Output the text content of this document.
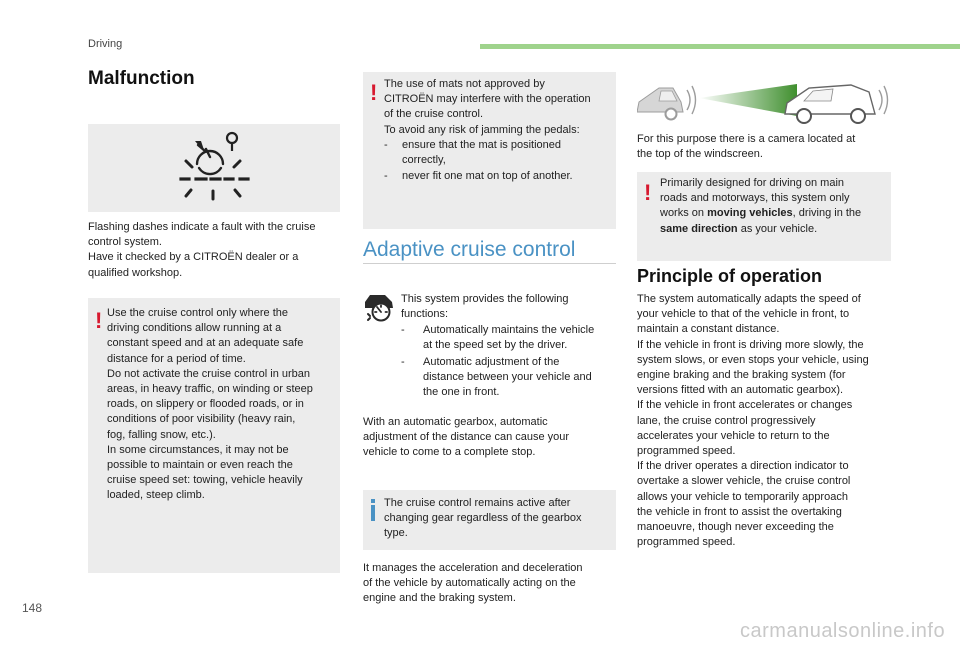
Driving
Malfunction
Flashing dashes indicate a fault with the cruise
control system.
Have it checked by a CITROËN dealer or a
qualified workshop.
! Use the cruise control only where the
driving conditions allow running at a
constant speed and at an adequate safe
distance for a period of time.
Do not activate the cruise control in urban
areas, in heavy traffic, on winding or steep
roads, on slippery or flooded roads, or in
conditions of poor visibility (heavy rain,
fog, falling snow, etc.).
In some circumstances, it may not be
possible to maintain or even reach the
cruise speed set: towing, vehicle heavily
loaded, steep climb.
! The use of mats not approved by
CITROËN may interfere with the operation
of the cruise control.
To avoid any risk of jamming the pedals:
- ensure that the mat is positioned
correctly,
- never fit one mat on top of another.
Adaptive cruise control
This system provides the following
functions:
- Automatically maintains the vehicle
at the speed set by the driver.
- Automatic adjustment of the
distance between your vehicle and
the one in front.
With an automatic gearbox, automatic
adjustment of the distance can cause your
vehicle to come to a complete stop.
The cruise control remains active after
changing gear regardless of the gearbox
type.
It manages the acceleration and deceleration
of the vehicle by automatically acting on the
engine and the braking system.
For this purpose there is a camera located at
the top of the windscreen.
! Primarily designed for driving on main
roads and motorways, this system only
works on moving vehicles, driving in the
same direction as your vehicle.
Principle of operation
The system automatically adapts the speed of
your vehicle to that of the vehicle in front, to
maintain a constant distance.
If the vehicle in front is driving more slowly, the
system slows, or even stops your vehicle, using
engine braking and the braking system (for
versions fitted with an automatic gearbox).
If the vehicle in front accelerates or changes
lane, the cruise control progressively
accelerates your vehicle to return to the
programmed speed.
If the driver operates a direction indicator to
overtake a slower vehicle, the cruise control
allows your vehicle to temporarily approach
the vehicle in front to assist the overtaking
manoeuvre, though never exceeding the
programmed speed.
148
carmanualsonline.info
